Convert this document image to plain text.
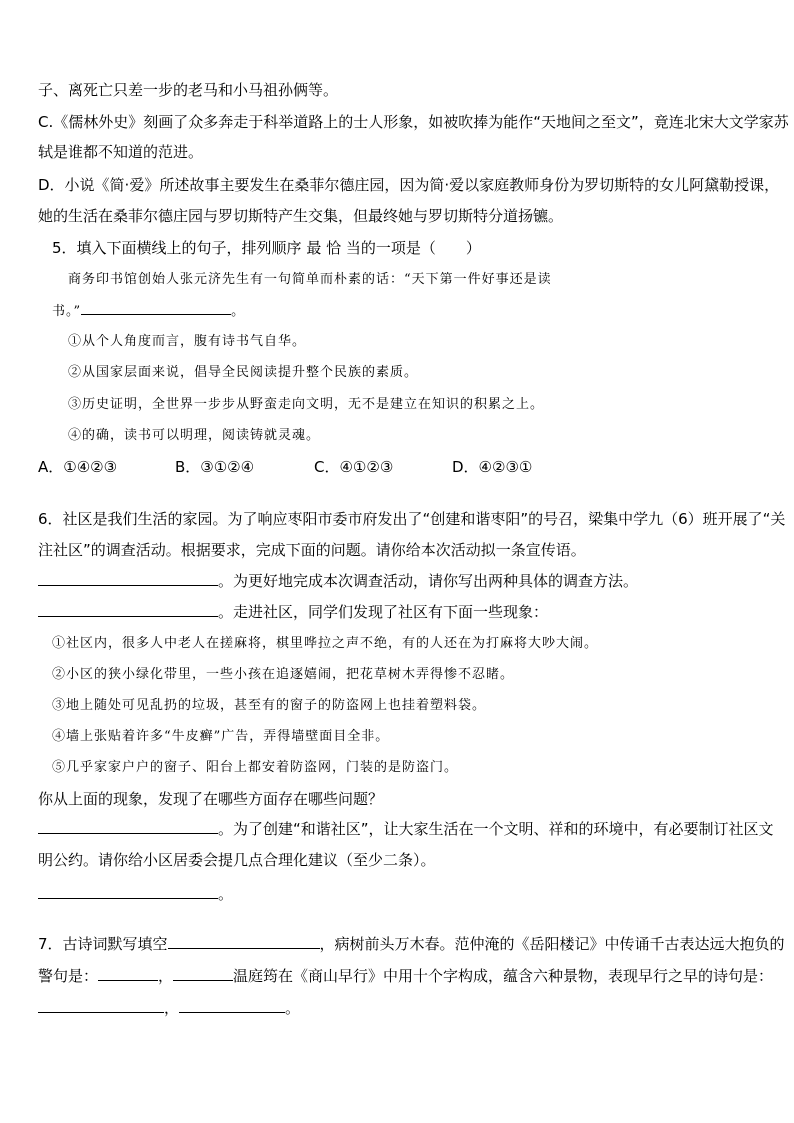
子、离死亡只差一步的老马和小马祖孙俩等。
C.《儒林外史》刻画了众多奔走于科举道路上的士人形象，如被吹捧为能作“天地间之至文”，竟连北宋大文学家苏
轼是谁都不知道的范进。
D．小说《简·爱》所述故事主要发生在桑菲尔德庄园，因为简·爱以家庭教师身份为罗切斯特的女儿阿黛勒授课，
她的生活在桑菲尔德庄园与罗切斯特产生交集，但最终她与罗切斯特分道扬镳。
5．填入下面横线上的句子，排列顺序 最 恰 当的一项是（　　）
商务印书馆创始人张元济先生有一句简单而朴素的话：“天下第一件好事还是读
书。”	。
①从个人角度而言，腹有诗书气自华。
②从国家层面来说，倡导全民阅读提升整个民族的素质。
③历史证明，全世界一步步从野蛮走向文明，无不是建立在知识的积累之上。
④的确，读书可以明理，阅读铸就灵魂。
A．①④②③	B．③①②④	C．④①②③	D．④②③①
6．社区是我们生活的家园。为了响应枣阳市委市府发出了“创建和谐枣阳”的号召，梁集中学九（6）班开展了“关
注社区”的调查活动。根据要求，完成下面的问题。请你给本次活动拟一条宣传语。
。为更好地完成本次调查活动，请你写出两种具体的调查方法。
。走进社区，同学们发现了社区有下面一些现象：
①社区内，很多人中老人在搓麻将，棋里哗拉之声不绝，有的人还在为打麻将大吵大闹。
②小区的狭小绿化带里，一些小孩在追逐嬉闹，把花草树木弄得惨不忍睹。
③地上随处可见乱扔的垃圾，甚至有的窗子的防盗网上也挂着塑料袋。
④墙上张贴着许多“牛皮癣”广告，弄得墙壁面目全非。
⑤几乎家家户户的窗子、阳台上都安着防盗网，门装的是防盗门。
你从上面的现象，发现了在哪些方面存在哪些问题？
。为了创建“和谐社区”，让大家生活在一个文明、祥和的环境中，有必要制订社区文
明公约。请你给小区居委会提几点合理化建议（至少二条）。
。
7．古诗词默写填空	，病树前头万木春。范仲淹的《岳阳楼记》中传诵千古表达远大抱负的
警句是：	，	温庭筠在《商山早行》中用十个字构成，蕴含六种景物，表现早行之早的诗句是：
，	。
